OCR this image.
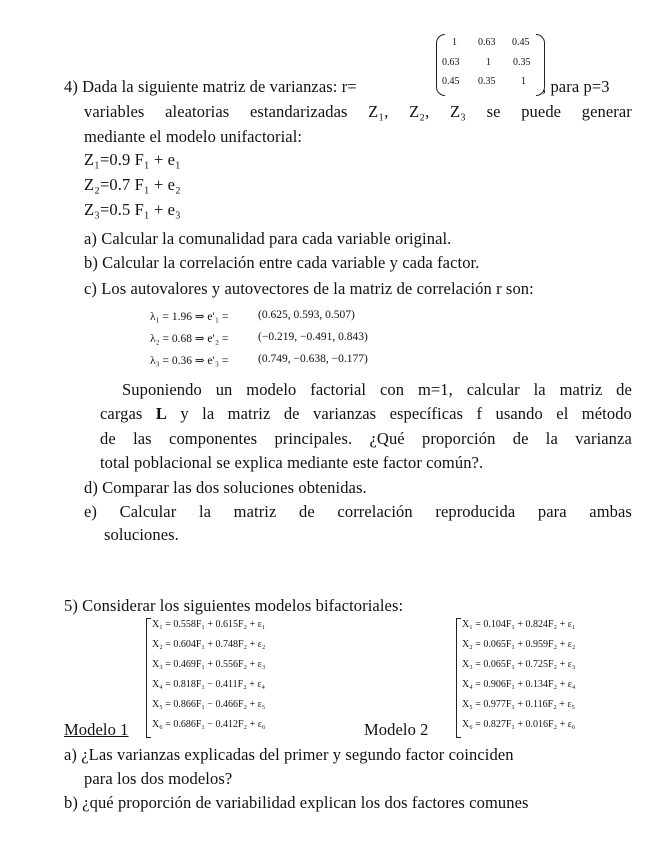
1 0.63 0.45
0.63	1 0.35
0.45 0.35	1
4) Dada la siguiente matriz de varianzas: r=	, para p=3
variables aleatorias estandarizadas Z₁, Z₂, Z₃ se puede generar
mediante el modelo unifactorial:
Z₁=0.9 F₁ + e₁
Z₂=0.7 F₁ + e₂
Z₃=0.5 F₁ + e₃
a) Calcular la comunalidad para cada variable original.
b) Calcular la correlación entre cada variable y cada factor.
c) Los autovalores y autovectores de la matriz de correlación r son:
λ₁ = 1.96 ⇒ e′₁ =	(0.625, 0.593, 0.507)
λ₂ = 0.68 ⇒ e′₂ =	(−0.219, −0.491, 0.843)
λ₃ = 0.36 ⇒ e′₃ =	(0.749, −0.638, −0.177)
Suponiendo un modelo factorial con m=1, calcular la matriz de
cargas L y la matriz de varianzas específicas f usando el método
de las componentes principales. ¿Qué proporción de la varianza
total poblacional se explica mediante este factor común?.
d) Comparar las dos soluciones obtenidas.
e) Calcular la matriz de correlación reproducida para ambas
soluciones.
5) Considerar los siguientes modelos bifactoriales:
X₁ = 0.558F₁ + 0.615F₂ + ε₁
X₂ = 0.604F₁ + 0.748F₂ + ε₂
X₃ = 0.469F₁ + 0.556F₂ + ε₃
X₄ = 0.818F₁ − 0.411F₂ + ε₄
X₅ = 0.866F₁ − 0.466F₂ + ε₅
X₆ = 0.686F₁ − 0.412F₂ + ε₆
Modelo 1	Modelo 2
X₁ = 0.104F₁ + 0.824F₂ + ε₁
X₂ = 0.065F₁ + 0.959F₂ + ε₂
X₃ = 0.065F₁ + 0.725F₂ + ε₃
X₄ = 0.906F₁ + 0.134F₂ + ε₄
X₅ = 0.977F₁ + 0.116F₂ + ε₅
X₆ = 0.827F₁ + 0.016F₂ + ε₆
a) ¿Las varianzas explicadas del primer y segundo factor coinciden
para los dos modelos?
b) ¿qué proporción de variabilidad explican los dos factores comunes
